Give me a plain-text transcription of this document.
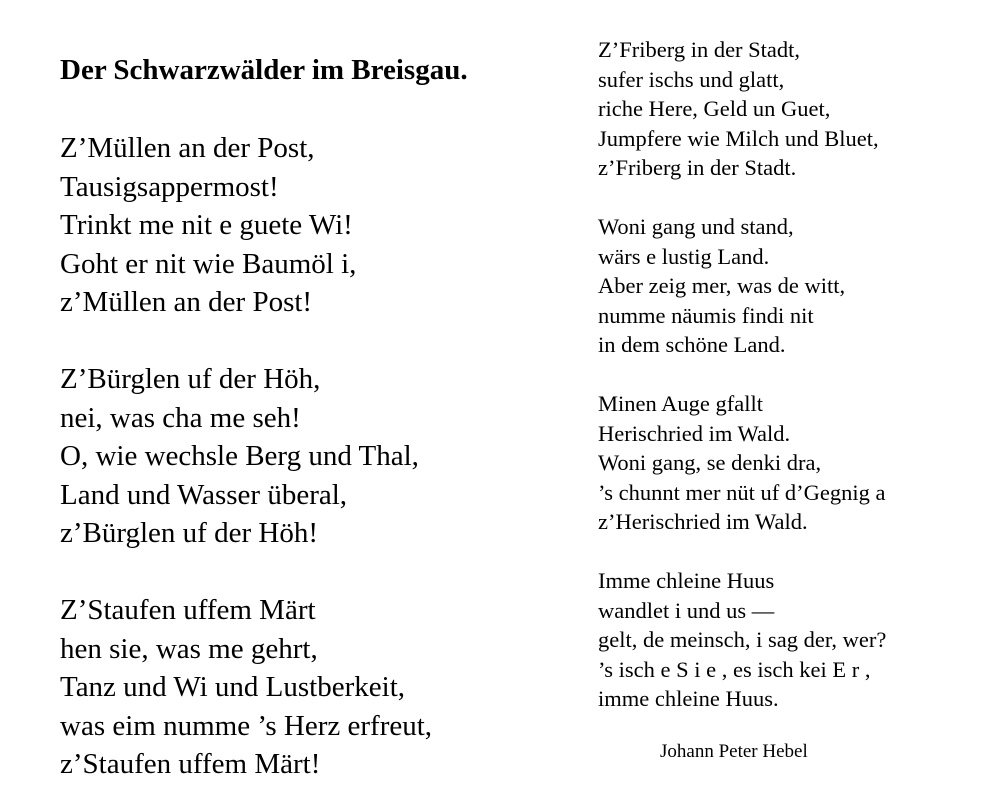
Der Schwarzwälder im Breisgau.
Z’Müllen an der Post,
Tausigsappermost!
Trinkt me nit e guete Wi!
Goht er nit wie Baumöl i,
z’Müllen an der Post!
Z’Bürglen uf der Höh,
nei, was cha me seh!
O, wie wechsle Berg und Thal,
Land und Wasser überal,
z’Bürglen uf der Höh!
Z’Staufen uffem Märt
hen sie, was me gehrt,
Tanz und Wi und Lustberkeit,
was eim numme ’s Herz erfreut,
z’Staufen uffem Märt!
Z’Friberg in der Stadt,
sufer ischs und glatt,
riche Here, Geld un Guet,
Jumpfere wie Milch und Bluet,
z’Friberg in der Stadt.
Woni gang und stand,
wärs e lustig Land.
Aber zeig mer, was de witt,
numme näumis findi nit
in dem schöne Land.
Minen Auge gfallt
Herischried im Wald.
Woni gang, se denki dra,
’s chunnt mer nüt uf d’Gegnig a
z’Herischried im Wald.
Imme chleine Huus
wandlet i und us —
gelt, de meinsch, i sag der, wer?
’s isch e S i e , es isch kei E r ,
imme chleine Huus.
Johann Peter Hebel
